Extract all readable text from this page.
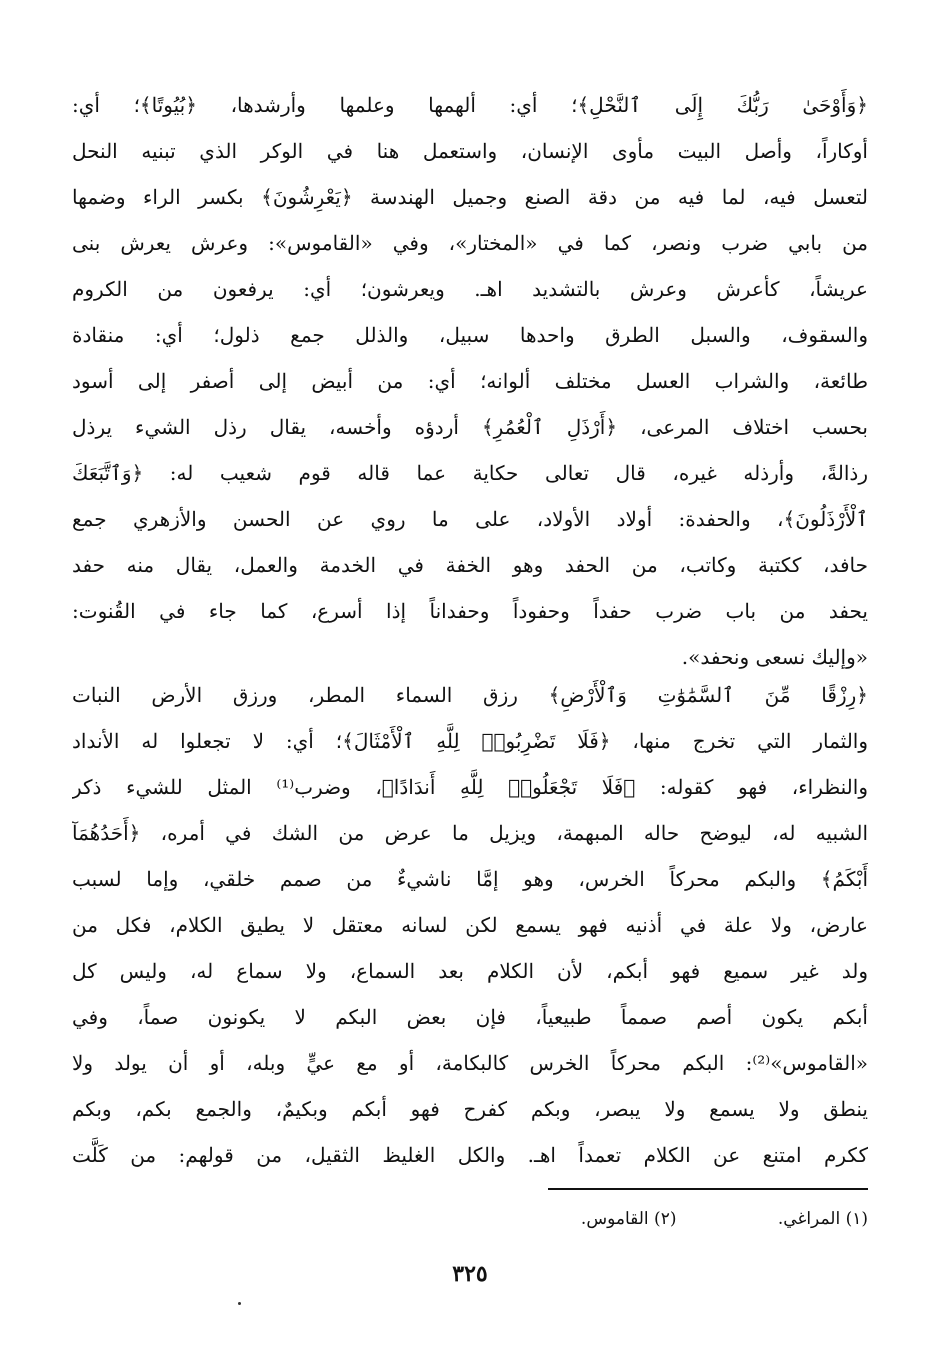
﴿وَأَوْحَىٰ رَبُّكَ إِلَى ٱلنَّحْلِ﴾؛ أي: ألهمها وعلمها وأرشدها، ﴿بُيُوتًا﴾؛ أي:
أوكاراً، وأصل البيت مأوى الإنسان، واستعمل هنا في الوكر الذي تبنيه النحل
لتعسل فيه، لما فيه من دقة الصنع وجميل الهندسة ﴿يَعْرِشُونَ﴾ بكسر الراء وضمها
من بابي ضرب ونصر، كما في «المختار»، وفي «القاموس»: وعرش يعرش بنى
عريشاً، كأعرش وعرش بالتشديد اهـ. ويعرشون؛ أي: يرفعون من الكروم
والسقوف، والسبل الطرق واحدها سبيل، والذلل جمع ذلول؛ أي: منقادة
طائعة، والشراب العسل مختلف ألوانه؛ أي: من أبيض إلى أصفر إلى أسود
بحسب اختلاف المرعى، ﴿أَرْذَلِ ٱلْعُمُرِ﴾ أردؤه وأخسه، يقال رذل الشيء يرذل
رذالةً، وأرذله غيره، قال تعالى حكاية عما قاله قوم شعيب له: ﴿وَٱتَّبَعَكَ
ٱلْأَرْذَلُونَ﴾، والحفدة: أولاد الأولاد، على ما روي عن الحسن والأزهري جمع
حافد، ككتبة وكاتب، من الحفد وهو الخفة في الخدمة والعمل، يقال منه حفد
يحفد من باب ضرب حفداً وحفوداً وحفداناً إذا أسرع، كما جاء في القُنوت:
«وإليك نسعى ونحفد».
﴿رِزْقًا مِّنَ ٱلسَّمَٰوَٰتِ وَٱلْأَرْضِ﴾ رزق السماء المطر، ورزق الأرض النبات
والثمار التي تخرج منها، ﴿فَلَا تَضْرِبُوا۟ لِلَّهِ ٱلْأَمْثَالَ﴾؛ أي: لا تجعلوا له الأنداد
والنظراء، فهو كقوله: ﴿فَلَا تَجْعَلُوا۟ لِلَّهِ أَندَادًا﴾، وضرب⁽¹⁾ المثل للشيء ذكر
الشبيه له، ليوضح حاله المبهمة، ويزيل ما عرض من الشك في أمره، ﴿أَحَدُهُمَآ
أَبْكَمُ﴾ والبكم محركاً الخرس، وهو إمَّا ناشيءٌ من صمم خلقي، وإما لسبب
عارض، ولا علة في أذنيه فهو يسمع لكن لسانه معتقل لا يطيق الكلام، فكل من
ولد غير سميع فهو أبكم، لأن الكلام بعد السماع، ولا سماع له، وليس كل
أبكم يكون أصم صمماً طبيعياً، فإن بعض البكم لا يكونون صماً، وفي
«القاموس»⁽²⁾: البكم محركاً الخرس كالبكامة، أو مع عيٍّ وبله، أو أن يولد ولا
ينطق ولا يسمع ولا يبصر، وبكم كفرح فهو أبكم وبكيمٌ، والجمع بكم، وبكم
ككرم امتنع عن الكلام تعمداً اهـ. والكل الغليظ الثقيل، من قولهم: من كَلَّت
(١) المراغي. (٢) القاموس.
٣٢٥
